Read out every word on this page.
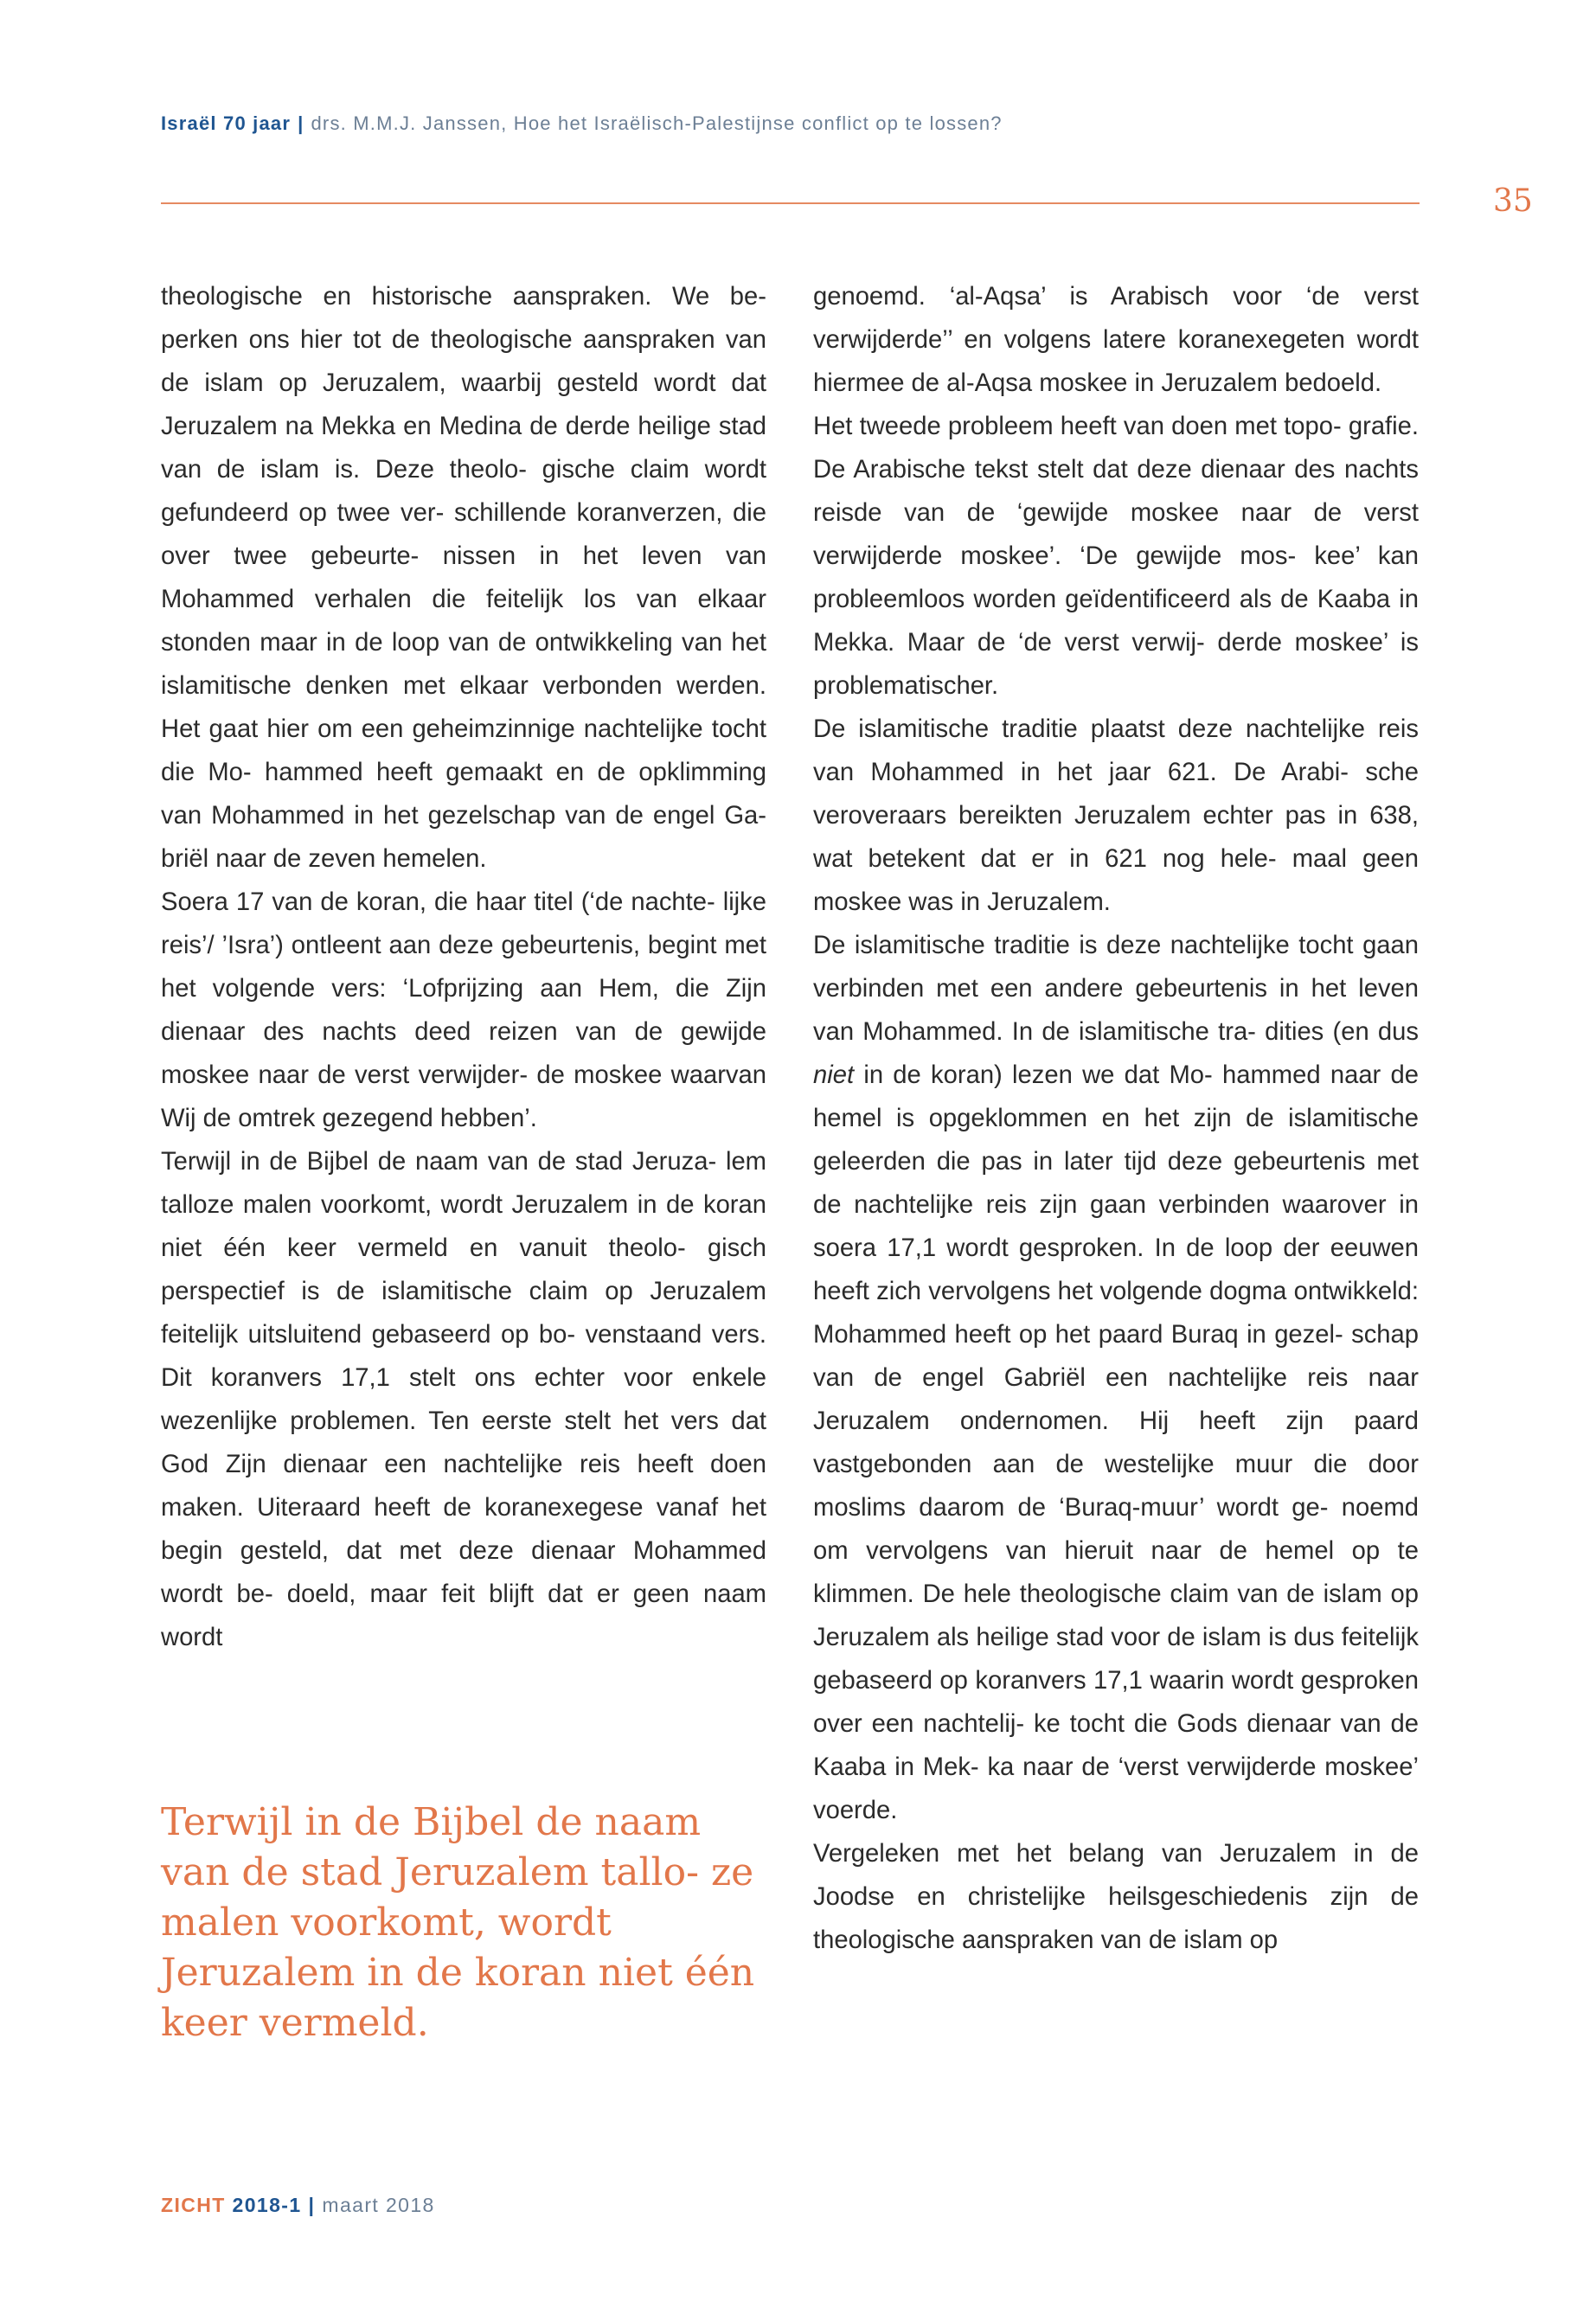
Israël 70 jaar | drs. M.M.J. Janssen, Hoe het Israëlisch-Palestijnse conflict op te lossen?
35

theologische en historische aanspraken. We be- perken ons hier tot de theologische aanspraken van de islam op Jeruzalem, waarbij gesteld wordt dat Jeruzalem na Mekka en Medina de derde heilige stad van de islam is. Deze theolo- gische claim wordt gefundeerd op twee ver- schillende koranverzen, die over twee gebeurte- nissen in het leven van Mohammed verhalen die feitelijk los van elkaar stonden maar in de loop van de ontwikkeling van het islamitische denken met elkaar verbonden werden. Het gaat hier om een geheimzinnige nachtelijke tocht die Mo- hammed heeft gemaakt en de opklimming van Mohammed in het gezelschap van de engel Ga- briël naar de zeven hemelen.

Soera 17 van de koran, die haar titel (‘de nachte- lijke reis’/ ’Isra’) ontleent aan deze gebeurtenis, begint met het volgende vers: ‘Lofprijzing aan Hem, die Zijn dienaar des nachts deed reizen van de gewijde moskee naar de verst verwijder- de moskee waarvan Wij de omtrek gezegend hebben’.

Terwijl in de Bijbel de naam van de stad Jeruza- lem talloze malen voorkomt, wordt Jeruzalem in de koran niet één keer vermeld en vanuit theolo- gisch perspectief is de islamitische claim op Jeruzalem feitelijk uitsluitend gebaseerd op bo- venstaand vers. Dit koranvers 17,1 stelt ons echter voor enkele wezenlijke problemen. Ten eerste stelt het vers dat God Zijn dienaar een nachtelijke reis heeft doen maken. Uiteraard heeft de koranexegese vanaf het begin gesteld, dat met deze dienaar Mohammed wordt be- doeld, maar feit blijft dat er geen naam wordt

Terwijl in de Bijbel de naam van de stad Jeruzalem tallo- ze malen voorkomt, wordt Jeruzalem in de koran niet één keer vermeld.

genoemd. ‘al-Aqsa’ is Arabisch voor ‘de verst verwijderde’’ en volgens latere koranexegeten wordt hiermee de al-Aqsa moskee in Jeruzalem bedoeld.

Het tweede probleem heeft van doen met topo- grafie. De Arabische tekst stelt dat deze dienaar des nachts reisde van de ‘gewijde moskee naar de verst verwijderde moskee’. ‘De gewijde mos- kee’ kan probleemloos worden geïdentificeerd als de Kaaba in Mekka. Maar de ‘de verst verwij- derde moskee’ is problematischer.

De islamitische traditie plaatst deze nachtelijke reis van Mohammed in het jaar 621. De Arabi- sche veroveraars bereikten Jeruzalem echter pas in 638, wat betekent dat er in 621 nog hele- maal geen moskee was in Jeruzalem.

De islamitische traditie is deze nachtelijke tocht gaan verbinden met een andere gebeurtenis in het leven van Mohammed. In de islamitische tra- dities (en dus niet in de koran) lezen we dat Mo- hammed naar de hemel is opgeklommen en het zijn de islamitische geleerden die pas in later tijd deze gebeurtenis met de nachtelijke reis zijn gaan verbinden waarover in soera 17,1 wordt gesproken. In de loop der eeuwen heeft zich vervolgens het volgende dogma ontwikkeld: Mohammed heeft op het paard Buraq in gezel- schap van de engel Gabriël een nachtelijke reis naar Jeruzalem ondernomen. Hij heeft zijn paard vastgebonden aan de westelijke muur die door moslims daarom de ‘Buraq-muur’ wordt ge- noemd om vervolgens van hieruit naar de hemel op te klimmen. De hele theologische claim van de islam op Jeruzalem als heilige stad voor de islam is dus feitelijk gebaseerd op koranvers 17,1 waarin wordt gesproken over een nachtelij- ke tocht die Gods dienaar van de Kaaba in Mek- ka naar de ‘verst verwijderde moskee’ voerde.

Vergeleken met het belang van Jeruzalem in de Joodse en christelijke heilsgeschiedenis zijn de theologische aanspraken van de islam op

ZICHT 2018-1 | maart 2018
